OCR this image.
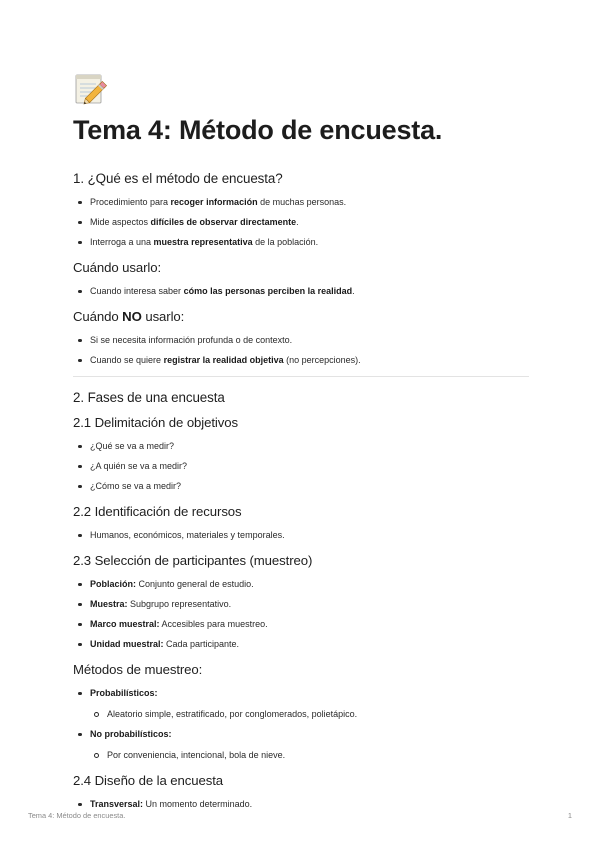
Tema 4: Método de encuesta.
1. ¿Qué es el método de encuesta?
Procedimiento para recoger información de muchas personas.
Mide aspectos difíciles de observar directamente.
Interroga a una muestra representativa de la población.
Cuándo usarlo:
Cuando interesa saber cómo las personas perciben la realidad.
Cuándo NO usarlo:
Si se necesita información profunda o de contexto.
Cuando se quiere registrar la realidad objetiva (no percepciones).
2. Fases de una encuesta
2.1 Delimitación de objetivos
¿Qué se va a medir?
¿A quién se va a medir?
¿Cómo se va a medir?
2.2 Identificación de recursos
Humanos, económicos, materiales y temporales.
2.3 Selección de participantes (muestreo)
Población: Conjunto general de estudio.
Muestra: Subgrupo representativo.
Marco muestral: Accesibles para muestreo.
Unidad muestral: Cada participante.
Métodos de muestreo:
Probabilísticos:
Aleatorio simple, estratificado, por conglomerados, polietápico.
No probabilísticos:
Por conveniencia, intencional, bola de nieve.
2.4 Diseño de la encuesta
Transversal: Un momento determinado.
Tema 4: Método de encuesta.	1
